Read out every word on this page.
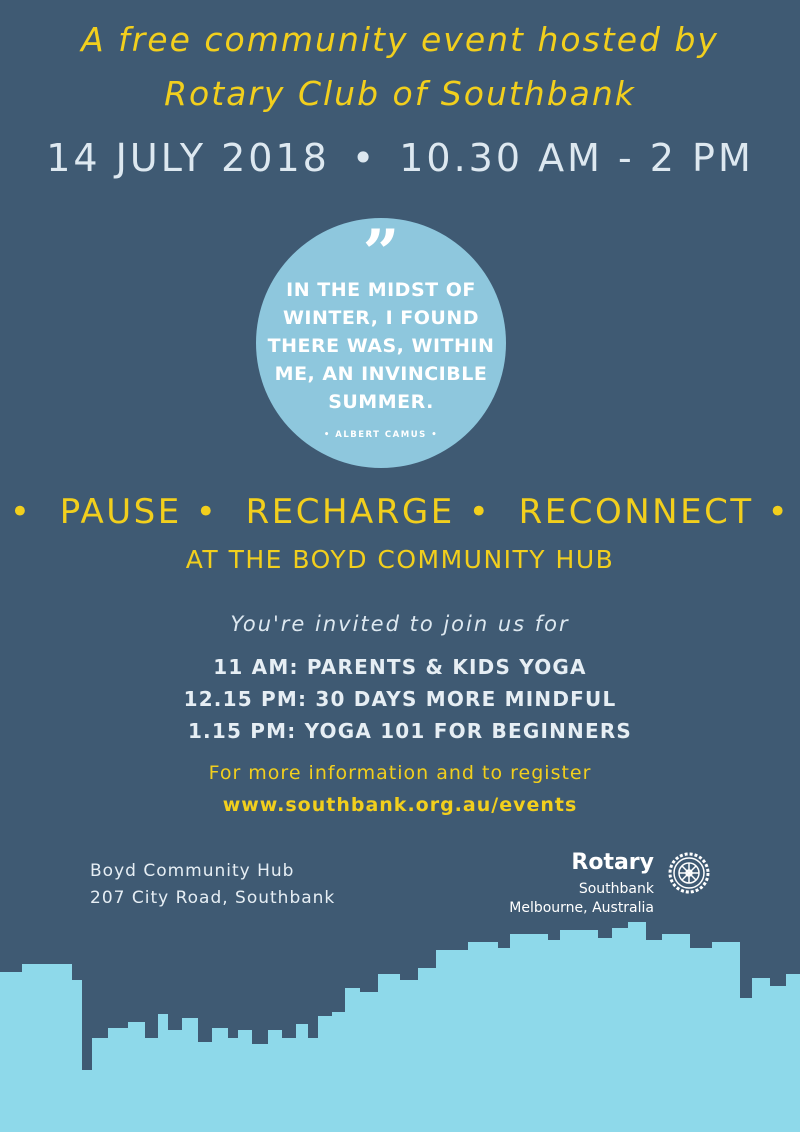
A free community event hosted by
Rotary Club of Southbank
14 JULY 2018 • 10.30 AM - 2 PM
”
IN THE MIDST OF WINTER, I FOUND THERE WAS, WITHIN ME, AN INVINCIBLE SUMMER.
• ALBERT CAMUS •
• PAUSE • RECHARGE • RECONNECT •
AT THE BOYD COMMUNITY HUB
You're invited to join us for
11 AM: PARENTS & KIDS YOGA
12.15 PM: 30 DAYS MORE MINDFUL
1.15 PM: YOGA 101 FOR BEGINNERS
For more information and to register
www.southbank.org.au/events
Boyd Community Hub
207 City Road, Southbank
Rotary
Southbank
Melbourne, Australia
